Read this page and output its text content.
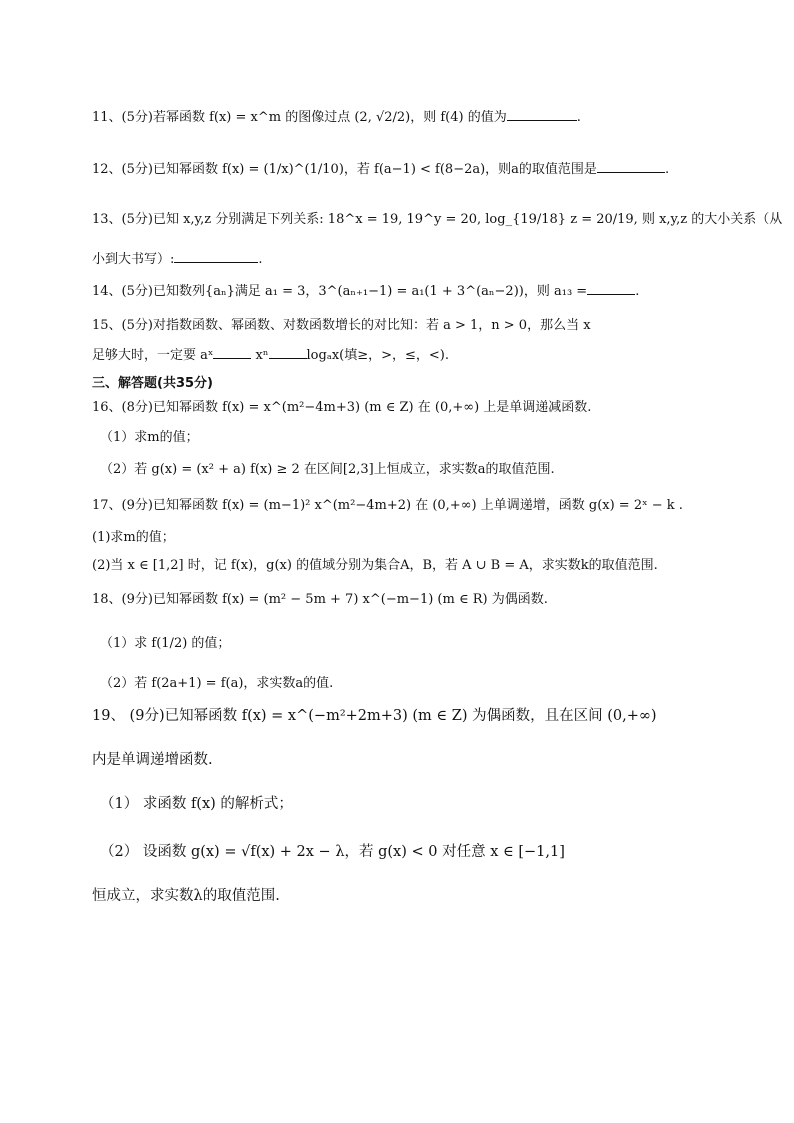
11、(5分)若幂函数 f(x) = x^m 的图像过点 (2, √2/2)，则 f(4) 的值为	.
12、(5分)已知幂函数 f(x) = (1/x)^(1/10)，若 f(a−1) < f(8−2a)，则a的取值范围是	.
13、(5分)已知 x,y,z 分别满足下列关系: 18^x = 19, 19^y = 20, log_{19/18} z = 20/19, 则 x,y,z 的大小关系（从
小到大书写）:	.
14、(5分)已知数列{aₙ}满足 a₁ = 3，3^(aₙ₊₁−1) = a₁(1 + 3^(aₙ−2))，则 a₁₃ =	.
15、(5分)对指数函数、幂函数、对数函数增长的对比知：若 a > 1，n > 0，那么当 x
足够大时，一定要 aˣ	xⁿ	logₐx(填≥，>，≤，<).
三、解答题(共35分)
16、(8分)已知幂函数 f(x) = x^(m²−4m+3) (m ∈ Z) 在 (0,+∞) 上是单调递减函数.
（1）求m的值；
（2）若 g(x) = (x² + a) f(x) ≥ 2 在区间[2,3]上恒成立，求实数a的取值范围.
17、(9分)已知幂函数 f(x) = (m−1)² x^(m²−4m+2) 在 (0,+∞) 上单调递增，函数 g(x) = 2ˣ − k .
(1)求m的值；
(2)当 x ∈ [1,2] 时，记 f(x)，g(x) 的值域分别为集合A，B，若 A ∪ B = A，求实数k的取值范围.
18、(9分)已知幂函数 f(x) = (m² − 5m + 7) x^(−m−1) (m ∈ R) 为偶函数.
（1）求 f(1/2) 的值；
（2）若 f(2a+1) = f(a)，求实数a的值.
19、 (9分)已知幂函数 f(x) = x^(−m²+2m+3) (m ∈ Z) 为偶函数，且在区间 (0,+∞)
内是单调递增函数.
（1） 求函数 f(x) 的解析式；
（2） 设函数 g(x) = √f(x) + 2x − λ，若 g(x) < 0 对任意 x ∈ [−1,1]
恒成立，求实数λ的取值范围.
